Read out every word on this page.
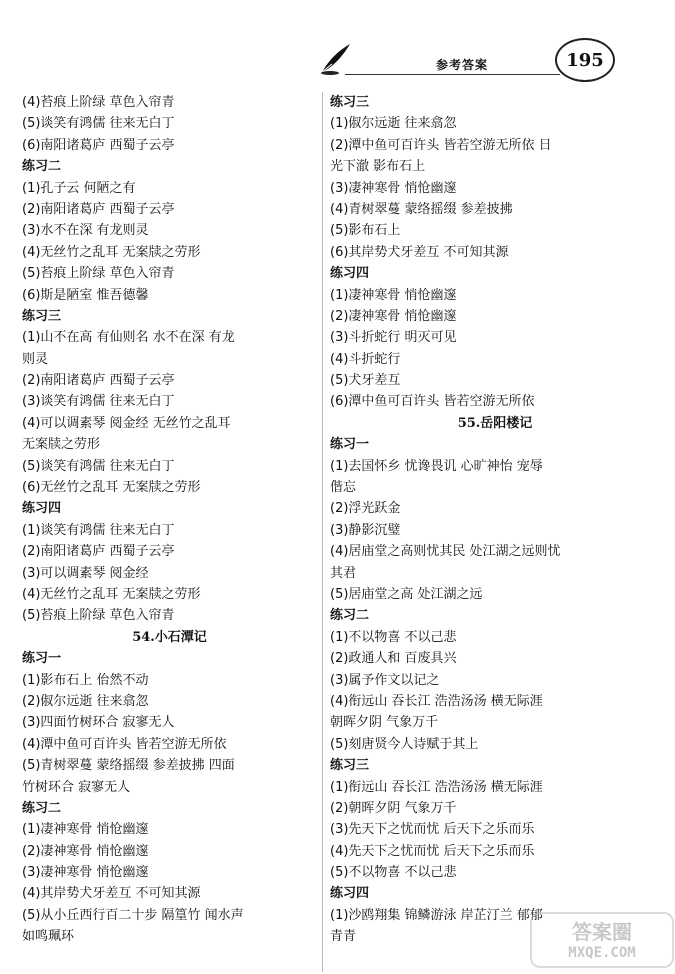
参考答案	195
(4)苔痕上阶绿 草色入帘青
(5)谈笑有鸿儒 往来无白丁
(6)南阳诸葛庐 西蜀子云亭
练习二
(1)孔子云 何陋之有
(2)南阳诸葛庐 西蜀子云亭
(3)水不在深 有龙则灵
(4)无丝竹之乱耳 无案牍之劳形
(5)苔痕上阶绿 草色入帘青
(6)斯是陋室 惟吾德馨
练习三
(1)山不在高 有仙则名 水不在深 有龙
则灵
(2)南阳诸葛庐 西蜀子云亭
(3)谈笑有鸿儒 往来无白丁
(4)可以调素琴 阅金经 无丝竹之乱耳
无案牍之劳形
(5)谈笑有鸿儒 往来无白丁
(6)无丝竹之乱耳 无案牍之劳形
练习四
(1)谈笑有鸿儒 往来无白丁
(2)南阳诸葛庐 西蜀子云亭
(3)可以调素琴 阅金经
(4)无丝竹之乱耳 无案牍之劳形
(5)苔痕上阶绿 草色入帘青
54.小石潭记
练习一
(1)影布石上 佁然不动
(2)俶尔远逝 往来翕忽
(3)四面竹树环合 寂寥无人
(4)潭中鱼可百许头 皆若空游无所依
(5)青树翠蔓 蒙络摇缀 参差披拂 四面
竹树环合 寂寥无人
练习二
(1)凄神寒骨 悄怆幽邃
(2)凄神寒骨 悄怆幽邃
(3)凄神寒骨 悄怆幽邃
(4)其岸势犬牙差互 不可知其源
(5)从小丘西行百二十步 隔篁竹 闻水声
如鸣珮环
练习三
(1)俶尔远逝 往来翕忽
(2)潭中鱼可百许头 皆若空游无所依 日
光下澈 影布石上
(3)凄神寒骨 悄怆幽邃
(4)青树翠蔓 蒙络摇缀 参差披拂
(5)影布石上
(6)其岸势犬牙差互 不可知其源
练习四
(1)凄神寒骨 悄怆幽邃
(2)凄神寒骨 悄怆幽邃
(3)斗折蛇行 明灭可见
(4)斗折蛇行
(5)犬牙差互
(6)潭中鱼可百许头 皆若空游无所依
55.岳阳楼记
练习一
(1)去国怀乡 忧谗畏讥 心旷神怡 宠辱
偕忘
(2)浮光跃金
(3)静影沉璧
(4)居庙堂之高则忧其民 处江湖之远则忧
其君
(5)居庙堂之高 处江湖之远
练习二
(1)不以物喜 不以己悲
(2)政通人和 百废具兴
(3)属予作文以记之
(4)衔远山 吞长江 浩浩汤汤 横无际涯
朝晖夕阴 气象万千
(5)刻唐贤今人诗赋于其上
练习三
(1)衔远山 吞长江 浩浩汤汤 横无际涯
(2)朝晖夕阴 气象万千
(3)先天下之忧而忧 后天下之乐而乐
(4)先天下之忧而忧 后天下之乐而乐
(5)不以物喜 不以己悲
练习四
(1)沙鸥翔集 锦鳞游泳 岸芷汀兰 郁郁
青青	答案圈
MXQE.COM
